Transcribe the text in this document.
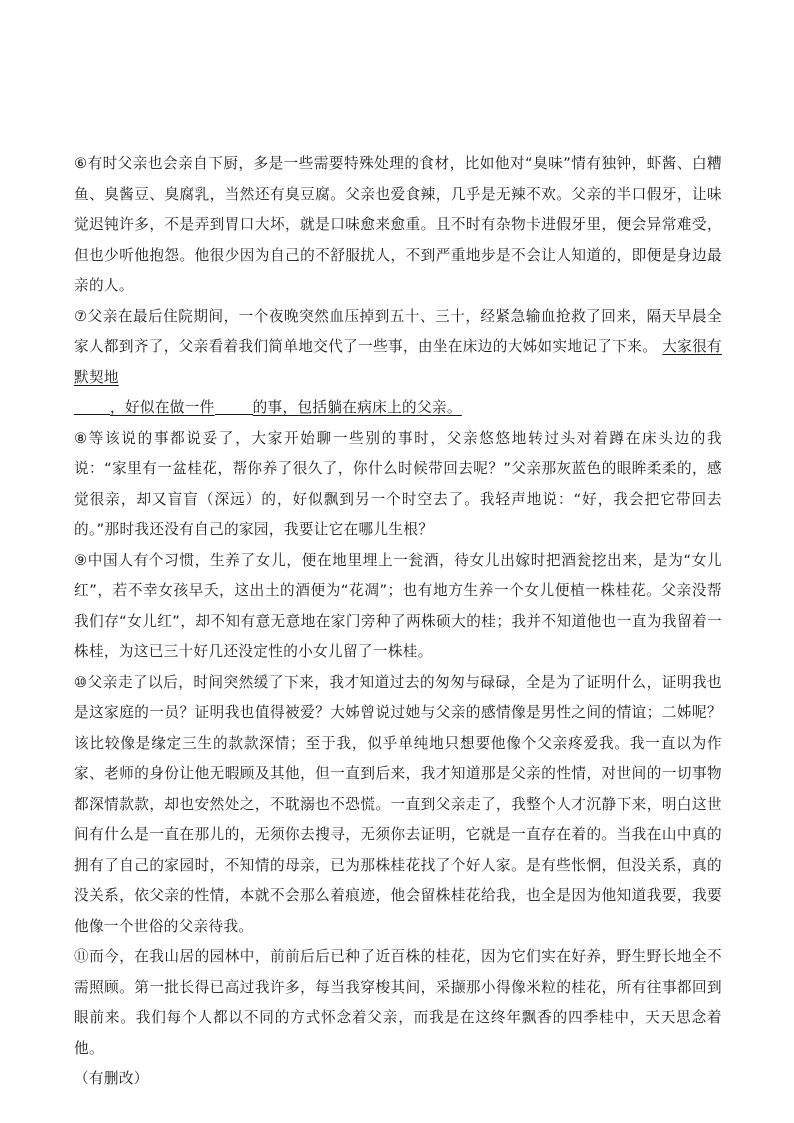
⑥有时父亲也会亲自下厨，多是一些需要特殊处理的食材，比如他对“臭味”情有独钟，虾酱、白糟鱼、臭酱豆、臭腐乳，当然还有臭豆腐。父亲也爱食辣，几乎是无辣不欢。父亲的半口假牙，让味觉迟钝许多，不是弄到胃口大坏，就是口味愈来愈重。且不时有杂物卡进假牙里，便会异常难受，但也少听他抱怨。他很少因为自己的不舒服扰人，不到严重地步是不会让人知道的，即便是身边最亲的人。

⑦父亲在最后住院期间，一个夜晚突然血压掉到五十、三十，经紧急输血抢救了回来，隔天早晨全家人都到齐了，父亲看着我们简单地交代了一些事，由坐在床边的大姊如实地记了下来。 大家很有默契地
，好似在做一件	的事，包括躺在病床上的父亲。

⑧等该说的事都说妥了，大家开始聊一些别的事时，父亲悠悠地转过头对着蹲在床头边的我说：“家里有一盆桂花，帮你养了很久了，你什么时候带回去呢？”父亲那灰蓝色的眼眸柔柔的，感觉很亲，却又盲盲（深远）的，好似飘到另一个时空去了。我轻声地说：“好，我会把它带回去的。”那时我还没有自己的家园，我要让它在哪儿生根？

⑨中国人有个习惯，生养了女儿，便在地里埋上一瓮酒，待女儿出嫁时把酒瓮挖出来，是为“女儿红”，若不幸女孩早夭，这出土的酒便为“花凋”；也有地方生养一个女儿便植一株桂花。父亲没帮我们存“女儿红”，却不知有意无意地在家门旁种了两株硕大的桂；我并不知道他也一直为我留着一株桂，为这已三十好几还没定性的小女儿留了一株桂。

⑩父亲走了以后，时间突然缓了下来，我才知道过去的匆匆与碌碌，全是为了证明什么，证明我也是这家庭的一员？证明我也值得被爱？大姊曾说过她与父亲的感情像是男性之间的情谊；二姊呢？该比较像是缘定三生的款款深情；至于我，似乎单纯地只想要他像个父亲疼爱我。我一直以为作家、老师的身份让他无暇顾及其他，但一直到后来，我才知道那是父亲的性情，对世间的一切事物都深情款款，却也安然处之，不耽溺也不恐慌。一直到父亲走了，我整个人才沉静下来，明白这世间有什么是一直在那儿的，无须你去搜寻，无须你去证明，它就是一直存在着的。当我在山中真的拥有了自己的家园时，不知情的母亲，已为那株桂花找了个好人家。是有些怅惘，但没关系，真的没关系，依父亲的性情，本就不会那么着痕迹，他会留株桂花给我，也全是因为他知道我要，我要他像一个世俗的父亲待我。

⑪而今，在我山居的园林中，前前后后已种了近百株的桂花，因为它们实在好养，野生野长地全不需照顾。第一批长得已高过我许多，每当我穿梭其间，采撷那小得像米粒的桂花，所有往事都回到眼前来。我们每个人都以不同的方式怀念着父亲，而我是在这终年飘香的四季桂中，天天思念着他。

（有删改）
